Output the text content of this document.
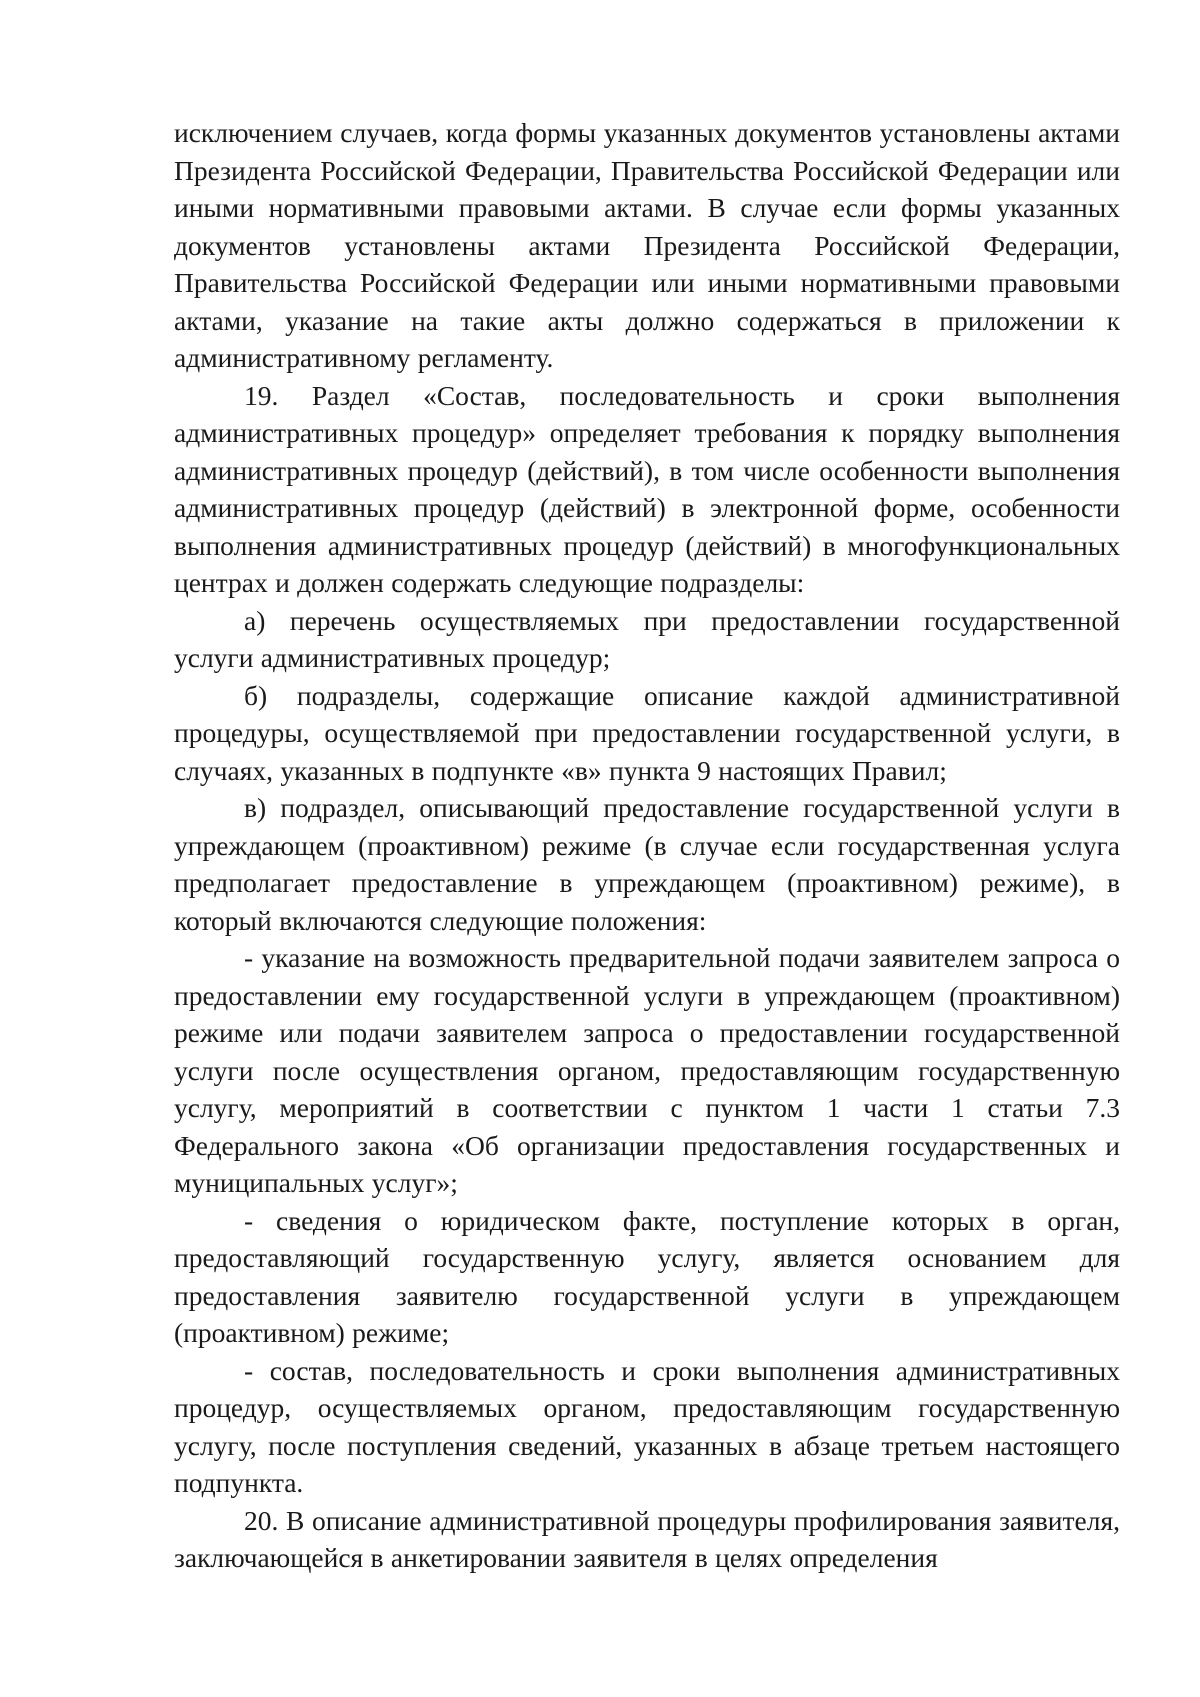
исключением случаев, когда формы указанных документов установлены актами Президента Российской Федерации, Правительства Российской Федерации или иными нормативными правовыми актами. В случае если формы указанных документов установлены актами Президента Российской Федерации, Правительства Российской Федерации или иными нормативными правовыми актами, указание на такие акты должно содержаться в приложении к административному регламенту.

19. Раздел «Состав, последовательность и сроки выполнения административных процедур» определяет требования к порядку выполнения административных процедур (действий), в том числе особенности выполнения административных процедур (действий) в электронной форме, особенности выполнения административных процедур (действий) в многофункциональных центрах и должен содержать следующие подразделы:

а) перечень осуществляемых при предоставлении государственной услуги административных процедур;

б) подразделы, содержащие описание каждой административной процедуры, осуществляемой при предоставлении государственной услуги, в случаях, указанных в подпункте «в» пункта 9 настоящих Правил;

в) подраздел, описывающий предоставление государственной услуги в упреждающем (проактивном) режиме (в случае если государственная услуга предполагает предоставление в упреждающем (проактивном) режиме), в который включаются следующие положения:

- указание на возможность предварительной подачи заявителем запроса о предоставлении ему государственной услуги в упреждающем (проактивном) режиме или подачи заявителем запроса о предоставлении государственной услуги после осуществления органом, предоставляющим государственную услугу, мероприятий в соответствии с пунктом 1 части 1 статьи 7.3 Федерального закона «Об организации предоставления государственных и муниципальных услуг»;

- сведения о юридическом факте, поступление которых в орган, предоставляющий государственную услугу, является основанием для предоставления заявителю государственной услуги в упреждающем (проактивном) режиме;

- состав, последовательность и сроки выполнения административных процедур, осуществляемых органом, предоставляющим государственную услугу, после поступления сведений, указанных в абзаце третьем настоящего подпункта.

20. В описание административной процедуры профилирования заявителя, заключающейся в анкетировании заявителя в целях определения
